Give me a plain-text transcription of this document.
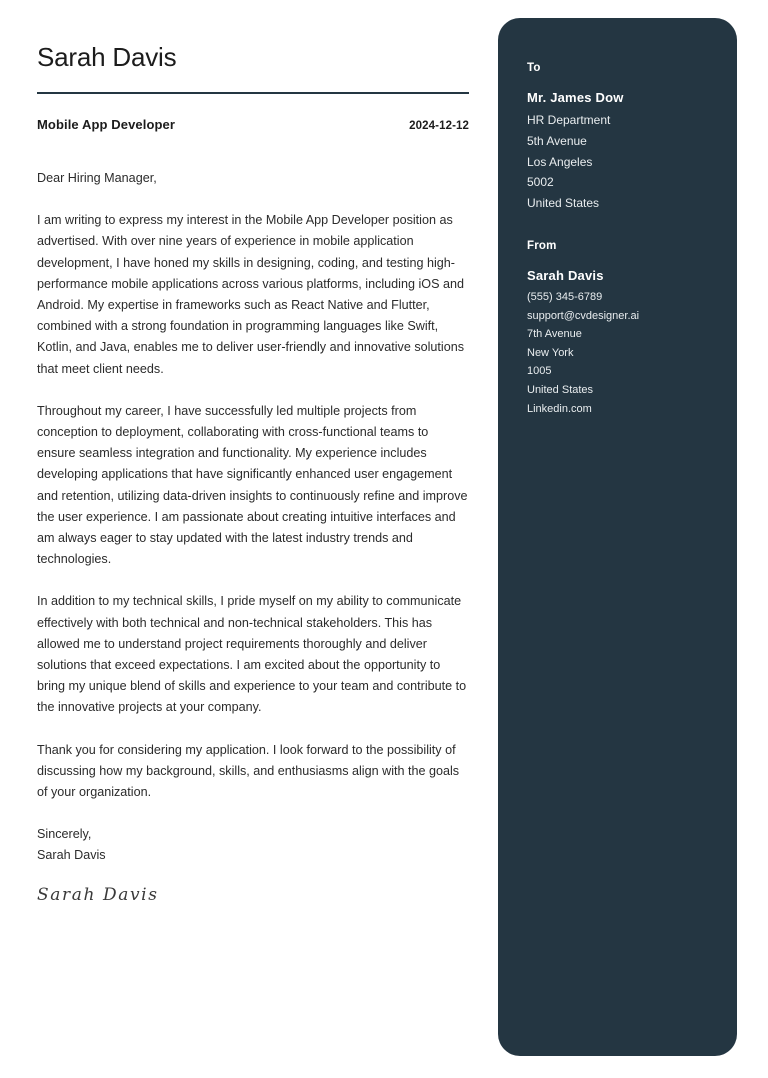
Sarah Davis
Mobile App Developer	2024-12-12

Dear Hiring Manager,

I am writing to express my interest in the Mobile App Developer position as advertised. With over nine years of experience in mobile application development, I have honed my skills in designing, coding, and testing high-performance mobile applications across various platforms, including iOS and Android. My expertise in frameworks such as React Native and Flutter, combined with a strong foundation in programming languages like Swift, Kotlin, and Java, enables me to deliver user-friendly and innovative solutions that meet client needs.

Throughout my career, I have successfully led multiple projects from conception to deployment, collaborating with cross-functional teams to ensure seamless integration and functionality. My experience includes developing applications that have significantly enhanced user engagement and retention, utilizing data-driven insights to continuously refine and improve the user experience. I am passionate about creating intuitive interfaces and am always eager to stay updated with the latest industry trends and technologies.

In addition to my technical skills, I pride myself on my ability to communicate effectively with both technical and non-technical stakeholders. This has allowed me to understand project requirements thoroughly and deliver solutions that exceed expectations. I am excited about the opportunity to bring my unique blend of skills and experience to your team and contribute to the innovative projects at your company.

Thank you for considering my application. I look forward to the possibility of discussing how my background, skills, and enthusiasms align with the goals of your organization.

Sincerely,
Sarah Davis
Sarah Davis
To
Mr. James Dow
HR Department
5th Avenue
Los Angeles
5002
United States
From
Sarah Davis
(555) 345-6789
support@cvdesigner.ai
7th Avenue
New York
1005
United States
Linkedin.com
